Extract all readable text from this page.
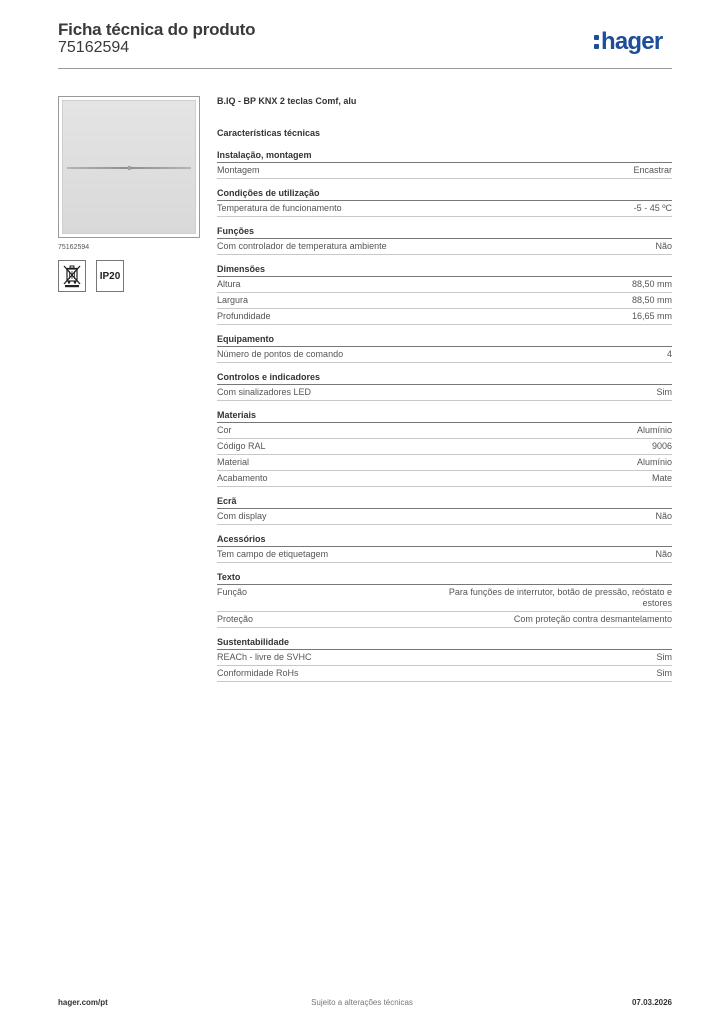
Ficha técnica do produto
75162594	hager
75162594
IP20
B.IQ - BP KNX 2 teclas Comf, alu
Características técnicas
Instalação, montagem
Montagem	Encastrar
Condições de utilização
Temperatura de funcionamento	-5 - 45 ºC
Funções
Com controlador de temperatura ambiente	Não
Dimensões
Altura	88,50 mm
Largura	88,50 mm
Profundidade	16,65 mm
Equipamento
Número de pontos de comando	4
Controlos e indicadores
Com sinalizadores LED	Sim
Materiais
Cor	Alumínio
Código RAL	9006
Material	Alumínio
Acabamento	Mate
Ecrã
Com display	Não
Acessórios
Tem campo de etiquetagem	Não
Texto
Função	Para funções de interrutor, botão de pressão, reóstato e estores
Proteção	Com proteção contra desmantelamento
Sustentabilidade
REACh - livre de SVHC	Sim
Conformidade RoHs	Sim
hager.com/pt	Sujeito a alterações técnicas	07.03.2026
